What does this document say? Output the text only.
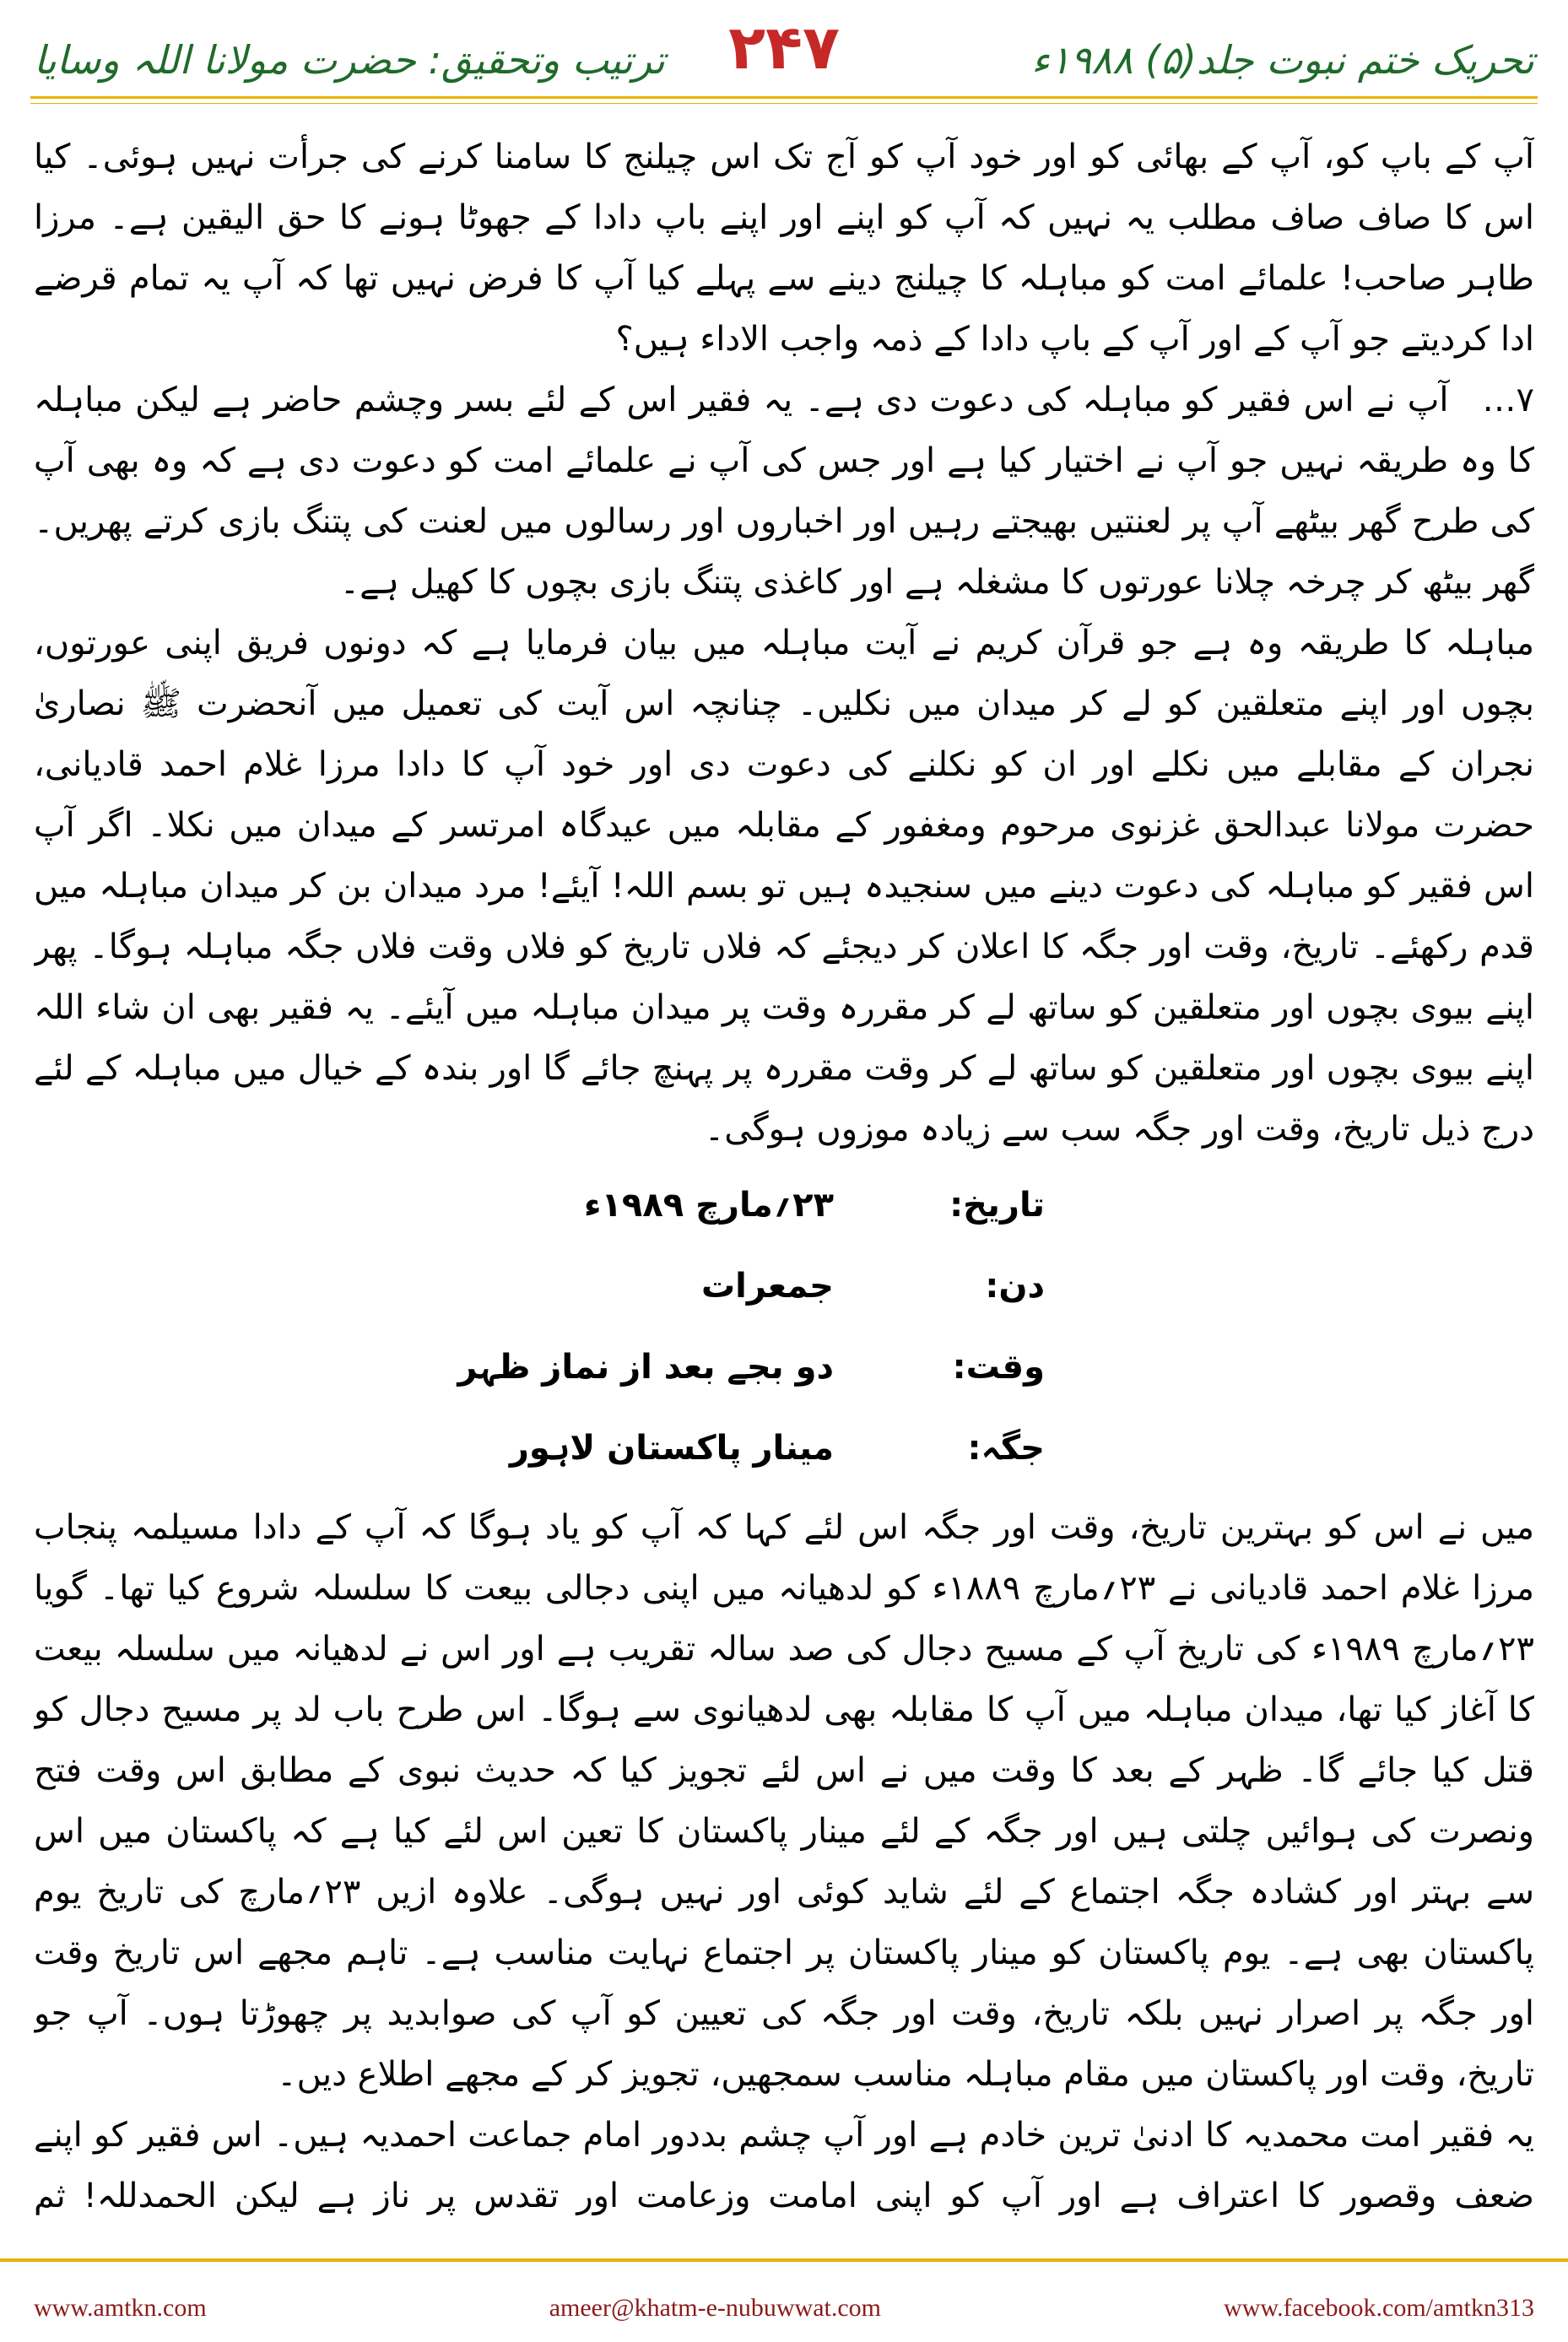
تحریک ختم نبوت جلد(۵) ۱۹۸۸ء
۲۴۷
ترتیب وتحقیق: حضرت مولانا اللہ وسایا

آپ کے باپ کو، آپ کے بھائی کو اور خود آپ کو آج تک اس چیلنج کا سامنا کرنے کی جرأت نہیں ہوئی۔ کیا اس کا صاف صاف مطلب یہ نہیں کہ آپ کو اپنے اور اپنے باپ دادا کے جھوٹا ہونے کا حق الیقین ہے۔ مرزا طاہر صاحب! علمائے امت کو مباہلہ کا چیلنج دینے سے پہلے کیا آپ کا فرض نہیں تھا کہ آپ یہ تمام قرضے ادا کردیتے جو آپ کے اور آپ کے باپ دادا کے ذمہ واجب الاداء ہیں؟

۷…آپ نے اس فقیر کو مباہلہ کی دعوت دی ہے۔ یہ فقیر اس کے لئے بسر وچشم حاضر ہے لیکن مباہلہ کا وہ طریقہ نہیں جو آپ نے اختیار کیا ہے اور جس کی آپ نے علمائے امت کو دعوت دی ہے کہ وہ بھی آپ کی طرح گھر بیٹھے آپ پر لعنتیں بھیجتے رہیں اور اخباروں اور رسالوں میں لعنت کی پتنگ بازی کرتے پھریں۔ گھر بیٹھ کر چرخہ چلانا عورتوں کا مشغلہ ہے اور کاغذی پتنگ بازی بچوں کا کھیل ہے۔

مباہلہ کا طریقہ وہ ہے جو قرآن کریم نے آیت مباہلہ میں بیان فرمایا ہے کہ دونوں فریق اپنی عورتوں، بچوں اور اپنے متعلقین کو لے کر میدان میں نکلیں۔ چنانچہ اس آیت کی تعمیل میں آنحضرت ﷺ نصاریٰ نجران کے مقابلے میں نکلے اور ان کو نکلنے کی دعوت دی اور خود آپ کا دادا مرزا غلام احمد قادیانی، حضرت مولانا عبدالحق غزنوی مرحوم ومغفور کے مقابلہ میں عیدگاہ امرتسر کے میدان میں نکلا۔ اگر آپ اس فقیر کو مباہلہ کی دعوت دینے میں سنجیدہ ہیں تو بسم اللہ! آیئے! مرد میدان بن کر میدان مباہلہ میں قدم رکھئے۔ تاریخ، وقت اور جگہ کا اعلان کر دیجئے کہ فلاں تاریخ کو فلاں وقت فلاں جگہ مباہلہ ہوگا۔ پھر اپنے بیوی بچوں اور متعلقین کو ساتھ لے کر مقررہ وقت پر میدان مباہلہ میں آیئے۔ یہ فقیر بھی ان شاء اللہ اپنے بیوی بچوں اور متعلقین کو ساتھ لے کر وقت مقررہ پر پہنچ جائے گا اور بندہ کے خیال میں مباہلہ کے لئے درج ذیل تاریخ، وقت اور جگہ سب سے زیادہ موزوں ہوگی۔

تاریخ:
۲۳؍مارچ ۱۹۸۹ء
دن:
جمعرات
وقت:
دو بجے بعد از نماز ظہر
جگہ:
مینار پاکستان لاہور

میں نے اس کو بہترین تاریخ، وقت اور جگہ اس لئے کہا کہ آپ کو یاد ہوگا کہ آپ کے دادا مسیلمہ پنجاب مرزا غلام احمد قادیانی نے ۲۳؍مارچ ۱۸۸۹ء کو لدھیانہ میں اپنی دجالی بیعت کا سلسلہ شروع کیا تھا۔ گویا ۲۳؍مارچ ۱۹۸۹ء کی تاریخ آپ کے مسیح دجال کی صد سالہ تقریب ہے اور اس نے لدھیانہ میں سلسلہ بیعت کا آغاز کیا تھا، میدان مباہلہ میں آپ کا مقابلہ بھی لدھیانوی سے ہوگا۔ اس طرح باب لد پر مسیح دجال کو قتل کیا جائے گا۔ ظہر کے بعد کا وقت میں نے اس لئے تجویز کیا کہ حدیث نبوی کے مطابق اس وقت فتح ونصرت کی ہوائیں چلتی ہیں اور جگہ کے لئے مینار پاکستان کا تعین اس لئے کیا ہے کہ پاکستان میں اس سے بہتر اور کشادہ جگہ اجتماع کے لئے شاید کوئی اور نہیں ہوگی۔ علاوہ ازیں ۲۳؍مارچ کی تاریخ یوم پاکستان بھی ہے۔ یوم پاکستان کو مینار پاکستان پر اجتماع نہایت مناسب ہے۔ تاہم مجھے اس تاریخ وقت اور جگہ پر اصرار نہیں بلکہ تاریخ، وقت اور جگہ کی تعیین کو آپ کی صوابدید پر چھوڑتا ہوں۔ آپ جو تاریخ، وقت اور پاکستان میں مقام مباہلہ مناسب سمجھیں، تجویز کر کے مجھے اطلاع دیں۔

یہ فقیر امت محمدیہ کا ادنیٰ ترین خادم ہے اور آپ چشم بددور امام جماعت احمدیہ ہیں۔ اس فقیر کو اپنے ضعف وقصور کا اعتراف ہے اور آپ کو اپنی امامت وزعامت اور تقدس پر ناز ہے لیکن الحمدللہ! ثم

www.amtkn.com	ameer@khatm-e-nubuwwat.com	www.facebook.com/amtkn313
